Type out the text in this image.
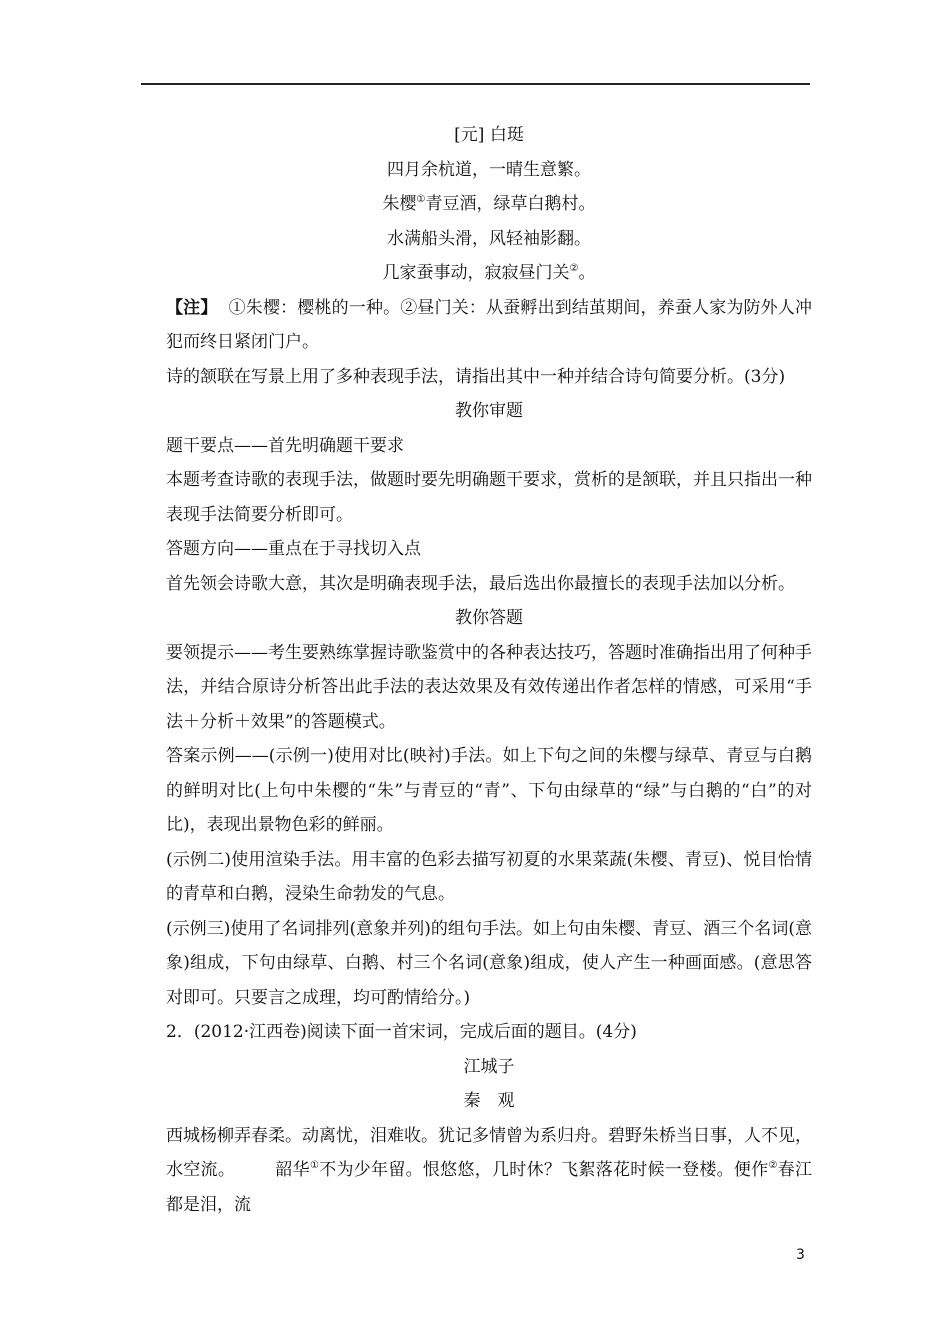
[元] 白珽
四月余杭道，一晴生意繁。
朱樱①青豆酒，绿草白鹅村。
水满船头滑，风轻袖影翻。
几家蚕事动，寂寂昼门关②。
【注】 ①朱樱：樱桃的一种。②昼门关：从蚕孵出到结茧期间，养蚕人家为防外人冲犯而终日紧闭门户。
诗的颔联在写景上用了多种表现手法，请指出其中一种并结合诗句简要分析。(3分)
教你审题
题干要点——首先明确题干要求
本题考查诗歌的表现手法，做题时要先明确题干要求，赏析的是颔联，并且只指出一种表现手法简要分析即可。
答题方向——重点在于寻找切入点
首先领会诗歌大意，其次是明确表现手法，最后选出你最擅长的表现手法加以分析。
教你答题
要领提示——考生要熟练掌握诗歌鉴赏中的各种表达技巧，答题时准确指出用了何种手法，并结合原诗分析答出此手法的表达效果及有效传递出作者怎样的情感，可采用“手法＋分析＋效果”的答题模式。
答案示例——(示例一)使用对比(映衬)手法。如上下句之间的朱樱与绿草、青豆与白鹅的鲜明对比(上句中朱樱的“朱”与青豆的“青”、下句由绿草的“绿”与白鹅的“白”的对比)，表现出景物色彩的鲜丽。
(示例二)使用渲染手法。用丰富的色彩去描写初夏的水果菜蔬(朱樱、青豆)、悦目怡情的青草和白鹅，浸染生命勃发的气息。
(示例三)使用了名词排列(意象并列)的组句手法。如上句由朱樱、青豆、酒三个名词(意象)组成，下句由绿草、白鹅、村三个名词(意象)组成，使人产生一种画面感。(意思答对即可。只要言之成理，均可酌情给分。)
2．(2012·江西卷)阅读下面一首宋词，完成后面的题目。(4分)
江城子
秦　观
西城杨柳弄春柔。动离忧，泪难收。犹记多情曾为系归舟。碧野朱桥当日事，人不见，水空流。 韶华①不为少年留。恨悠悠，几时休？飞絮落花时候一登楼。便作②春江都是泪，流
3
